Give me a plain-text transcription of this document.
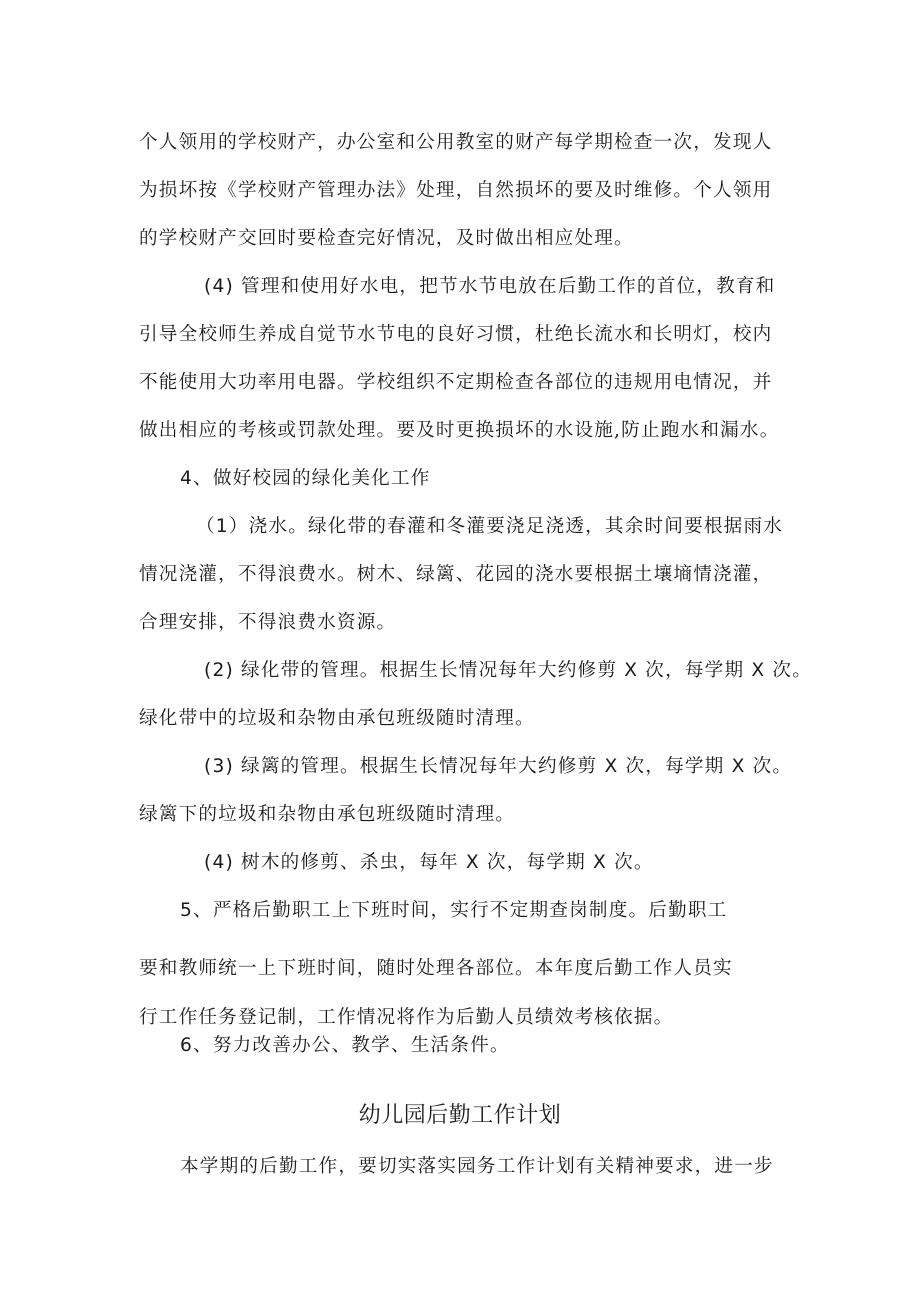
个人领用的学校财产，办公室和公用教室的财产每学期检查一次，发现人
为损坏按《学校财产管理办法》处理，自然损坏的要及时维修。个人领用
的学校财产交回时要检查完好情况，及时做出相应处理。
(4) 管理和使用好水电，把节水节电放在后勤工作的首位，教育和
引导全校师生养成自觉节水节电的良好习惯，杜绝长流水和长明灯，校内
不能使用大功率用电器。学校组织不定期检查各部位的违规用电情况，并
做出相应的考核或罚款处理。要及时更换损坏的水设施,防止跑水和漏水。
4、做好校园的绿化美化工作
（1）浇水。绿化带的春灌和冬灌要浇足浇透，其余时间要根据雨水
情况浇灌，不得浪费水。树木、绿篱、花园的浇水要根据土壤墒情浇灌，
合理安排，不得浪费水资源。
(2) 绿化带的管理。根据生长情况每年大约修剪 X 次，每学期 X 次。
绿化带中的垃圾和杂物由承包班级随时清理。
(3) 绿篱的管理。根据生长情况每年大约修剪 X 次，每学期 X 次。
绿篱下的垃圾和杂物由承包班级随时清理。
(4) 树木的修剪、杀虫，每年 X 次，每学期 X 次。
5、严格后勤职工上下班时间，实行不定期查岗制度。后勤职工
要和教师统一上下班时间，随时处理各部位。本年度后勤工作人员实
行工作任务登记制，工作情况将作为后勤人员绩效考核依据。
6、努力改善办公、教学、生活条件。
幼儿园后勤工作计划
本学期的后勤工作，要切实落实园务工作计划有关精神要求，进一步
